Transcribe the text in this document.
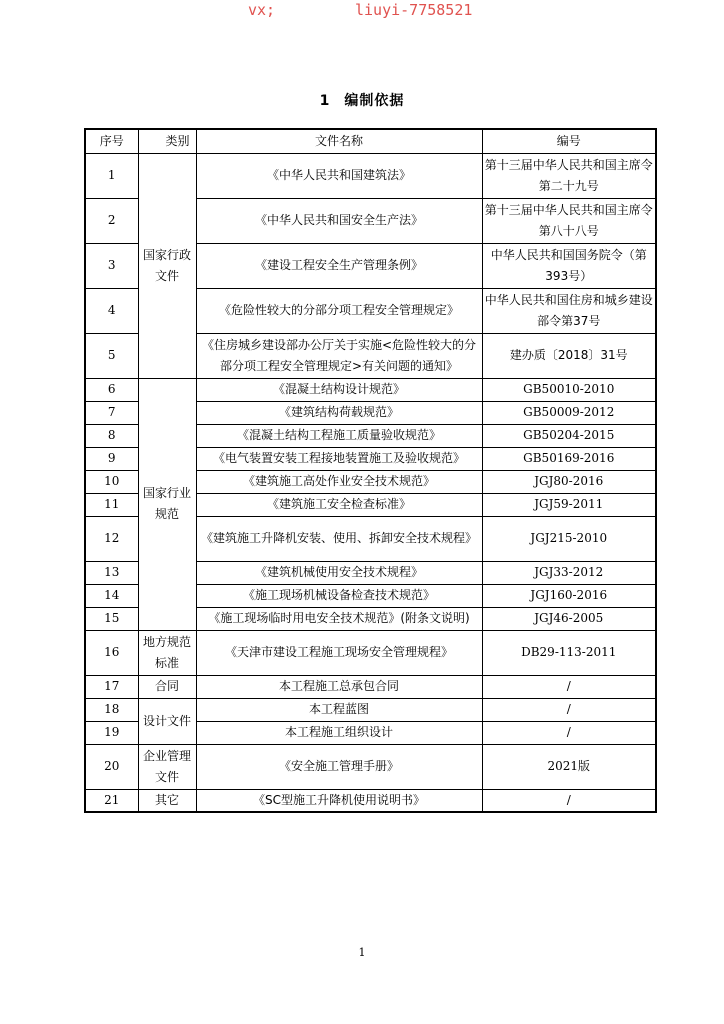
vx;	liuyi-7758521
1 编制依据
序号	类别	文件名称	编号
1	国家行政文件	《中华人民共和国建筑法》	第十三届中华人民共和国主席令第二十九号
2		《中华人民共和国安全生产法》	第十三届中华人民共和国主席令第八十八号
3		《建设工程安全生产管理条例》	中华人民共和国国务院令（第393号）
4		《危险性较大的分部分项工程安全管理规定》	中华人民共和国住房和城乡建设部令第37号
5		《住房城乡建设部办公厅关于实施<危险性较大的分部分项工程安全管理规定>有关问题的通知》	建办质〔2018〕31号
6	国家行业规范	《混凝土结构设计规范》	GB50010-2010
7		《建筑结构荷载规范》	GB50009-2012
8		《混凝土结构工程施工质量验收规范》	GB50204-2015
9		《电气装置安装工程接地装置施工及验收规范》	GB50169-2016
10		《建筑施工高处作业安全技术规范》	JGJ80-2016
11		《建筑施工安全检查标准》	JGJ59-2011
12		《建筑施工升降机安装、使用、拆卸安全技术规程》	JGJ215-2010
13		《建筑机械使用安全技术规程》	JGJ33-2012
14		《施工现场机械设备检查技术规范》	JGJ160-2016
15		《施工现场临时用电安全技术规范》(附条文说明)	JGJ46-2005
16	地方规范标准	《天津市建设工程施工现场安全管理规程》	DB29-113-2011
17	合同	本工程施工总承包合同	/
18	设计文件	本工程蓝图	/
19		本工程施工组织设计	/
20	企业管理文件	《安全施工管理手册》	2021版
21	其它	《SC型施工升降机使用说明书》	/
1
